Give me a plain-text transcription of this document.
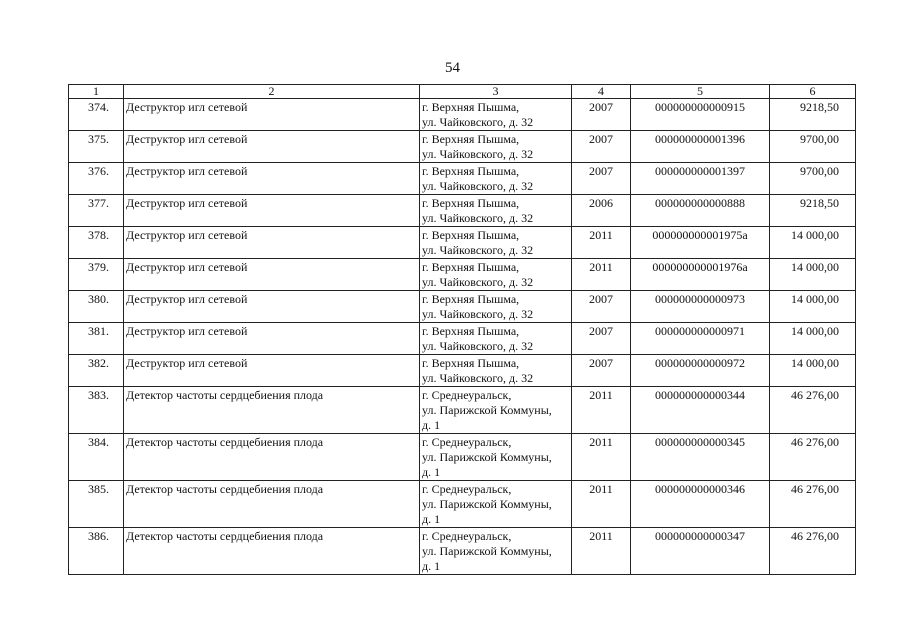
54
1	2	3	4	5	6
374.	Деструктор игл сетевой	г. Верхняя Пышма,
ул. Чайковского, д. 32	2007	000000000000915	9218,50
375.	Деструктор игл сетевой	г. Верхняя Пышма,
ул. Чайковского, д. 32	2007	000000000001396	9700,00
376.	Деструктор игл сетевой	г. Верхняя Пышма,
ул. Чайковского, д. 32	2007	000000000001397	9700,00
377.	Деструктор игл сетевой	г. Верхняя Пышма,
ул. Чайковского, д. 32	2006	000000000000888	9218,50
378.	Деструктор игл сетевой	г. Верхняя Пышма,
ул. Чайковского, д. 32	2011	000000000001975а	14 000,00
379.	Деструктор игл сетевой	г. Верхняя Пышма,
ул. Чайковского, д. 32	2011	000000000001976а	14 000,00
380.	Деструктор игл сетевой	г. Верхняя Пышма,
ул. Чайковского, д. 32	2007	000000000000973	14 000,00
381.	Деструктор игл сетевой	г. Верхняя Пышма,
ул. Чайковского, д. 32	2007	000000000000971	14 000,00
382.	Деструктор игл сетевой	г. Верхняя Пышма,
ул. Чайковского, д. 32	2007	000000000000972	14 000,00
383.	Детектор частоты сердцебиения плода	г. Среднеуральск,
ул. Парижской Коммуны,
д. 1	2011	000000000000344	46 276,00
384.	Детектор частоты сердцебиения плода	г. Среднеуральск,
ул. Парижской Коммуны,
д. 1	2011	000000000000345	46 276,00
385.	Детектор частоты сердцебиения плода	г. Среднеуральск,
ул. Парижской Коммуны,
д. 1	2011	000000000000346	46 276,00
386.	Детектор частоты сердцебиения плода	г. Среднеуральск,
ул. Парижской Коммуны,
д. 1	2011	000000000000347	46 276,00
